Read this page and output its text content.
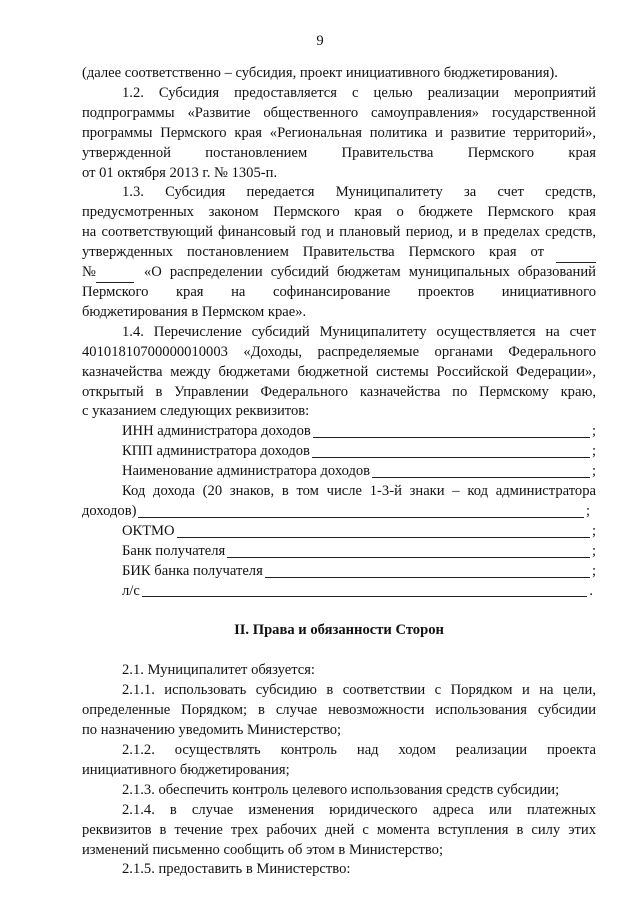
9
(далее соответственно – субсидия, проект инициативного бюджетирования).
1.2. Субсидия предоставляется с целью реализации мероприятий
подпрограммы «Развитие общественного самоуправления» государственной
программы Пермского края «Региональная политика и развитие территорий»,
утвержденной постановлением Правительства Пермского края
от 01 октября 2013 г. № 1305-п.
1.3. Субсидия передается Муниципалитету за счет средств,
предусмотренных законом Пермского края о бюджете Пермского края
на соответствующий финансовый год и плановый период, и в пределах средств,
утвержденных постановлением Правительства Пермского края от
№	«О распределении субсидий бюджетам муниципальных образований
Пермского края на софинансирование проектов инициативного
бюджетирования в Пермском крае».
1.4. Перечисление субсидий Муниципалитету осуществляется на счет
40101810700000010003 «Доходы, распределяемые органами Федерального
казначейства между бюджетами бюджетной системы Российской Федерации»,
открытый в Управлении Федерального казначейства по Пермскому краю,
с указанием следующих реквизитов:
ИНН администратора доходов	;
КПП администратора доходов	;
Наименование администратора доходов	;
Код дохода (20 знаков, в том числе 1-3-й знаки – код администратора
доходов)	;
ОКТМО	;
Банк получателя	;
БИК банка получателя	;
л/с	.
II. Права и обязанности Сторон
2.1. Муниципалитет обязуется:
2.1.1. использовать субсидию в соответствии с Порядком и на цели,
определенные Порядком; в случае невозможности использования субсидии
по назначению уведомить Министерство;
2.1.2. осуществлять контроль над ходом реализации проекта
инициативного бюджетирования;
2.1.3. обеспечить контроль целевого использования средств субсидии;
2.1.4. в случае изменения юридического адреса или платежных
реквизитов в течение трех рабочих дней с момента вступления в силу этих
изменений письменно сообщить об этом в Министерство;
2.1.5. предоставить в Министерство:
